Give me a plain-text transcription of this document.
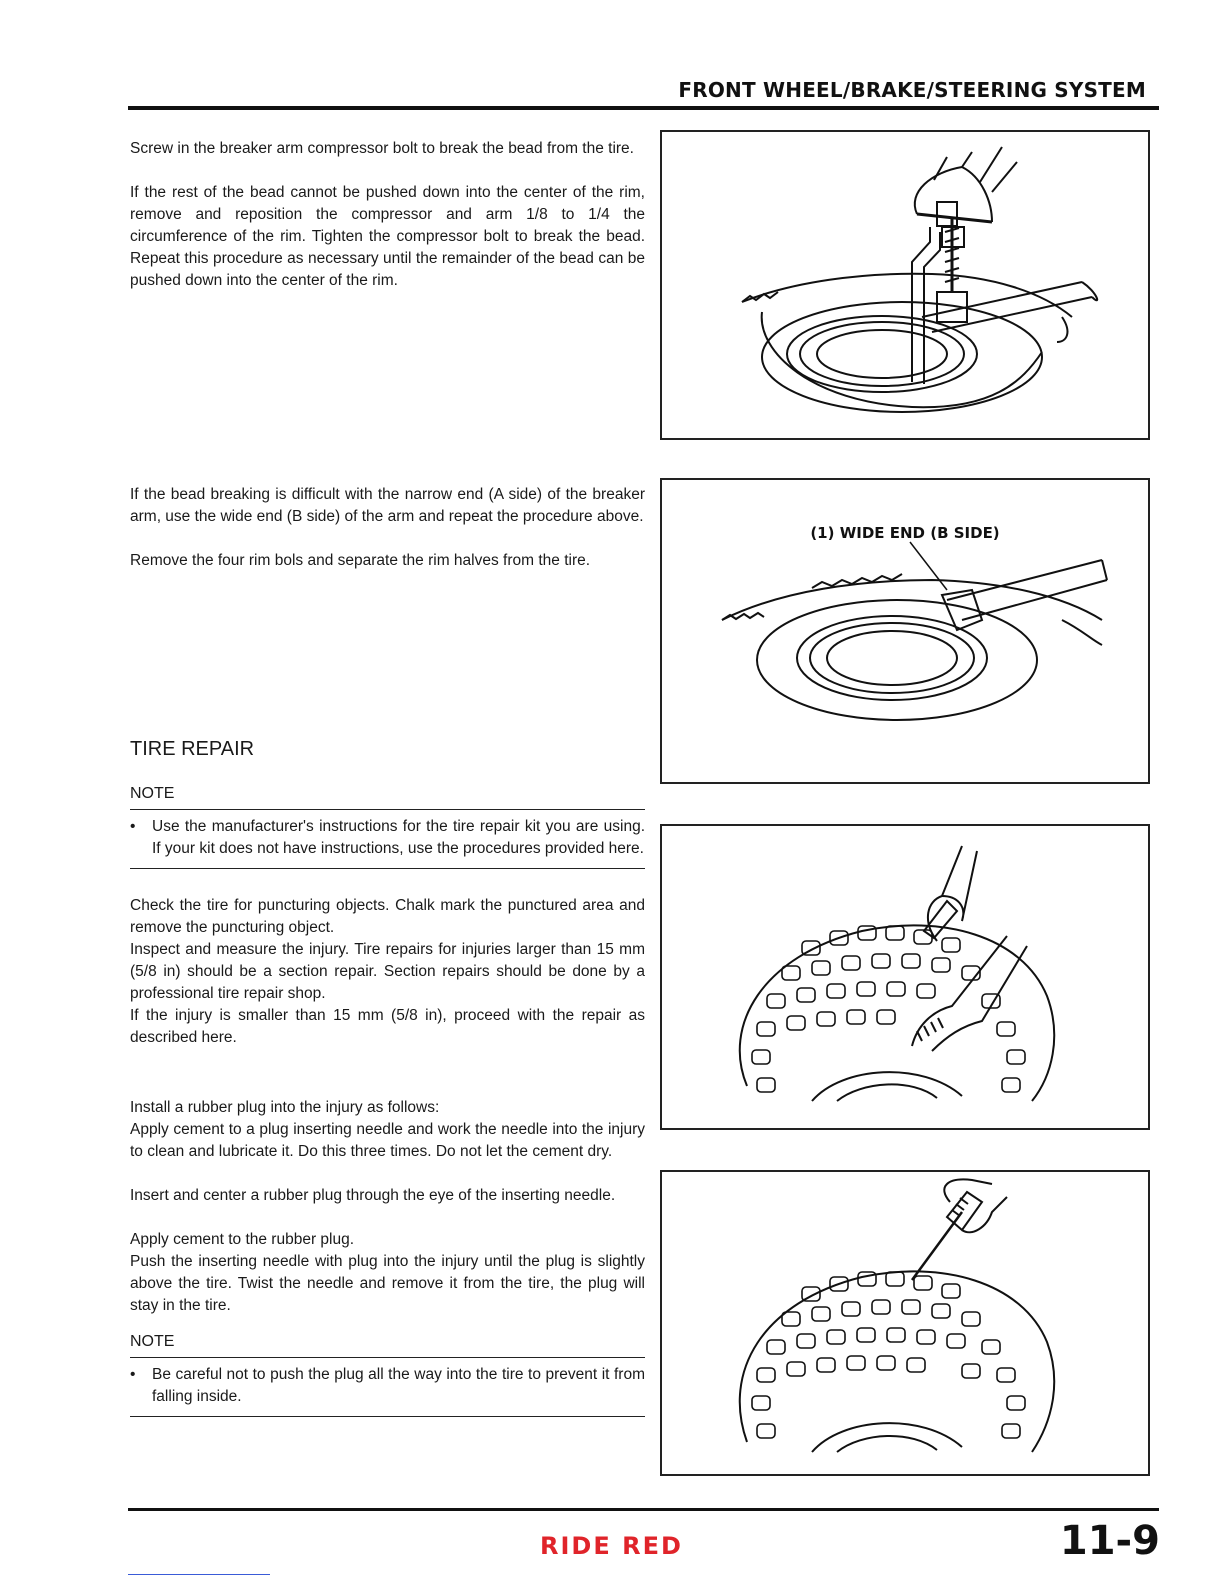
FRONT WHEEL/BRAKE/STEERING SYSTEM

Screw in the breaker arm compressor bolt to break the bead from the tire.

If the rest of the bead cannot be pushed down into the center of the rim, remove and reposition the compressor and arm 1/8 to 1/4 the circumference of the rim. Tighten the compressor bolt to break the bead. Repeat this procedure as necessary until the remainder of the bead can be pushed down into the center of the rim.

If the bead breaking is difficult with the narrow end (A side) of the breaker arm, use the wide end (B side) of the arm and repeat the procedure above.

Remove the four rim bols and separate the rim halves from the tire.

TIRE REPAIR
NOTE
•	Use the manufacturer's instructions for the tire repair kit you are using. If your kit does not have instructions, use the procedures provided here.

Check the tire for puncturing objects. Chalk mark the punctured area and remove the puncturing object.

Inspect and measure the injury. Tire repairs for injuries larger than 15 mm (5/8 in) should be a section repair. Section repairs should be done by a professional tire repair shop.

If the injury is smaller than 15 mm (5/8 in), proceed with the repair as described here.

Install a rubber plug into the injury as follows:

Apply cement to a plug inserting needle and work the needle into the injury to clean and lubricate it. Do this three times. Do not let the cement dry.

Insert and center a rubber plug through the eye of the inserting needle.

Apply cement to the rubber plug.

Push the inserting needle with plug into the injury until the plug is slightly above the tire. Twist the needle and remove it from the tire, the plug will stay in the tire.

NOTE
•	Be careful not to push the plug all the way into the tire to prevent it from falling inside.
(1) WIDE END (B SIDE)
RIDE RED	11-9
